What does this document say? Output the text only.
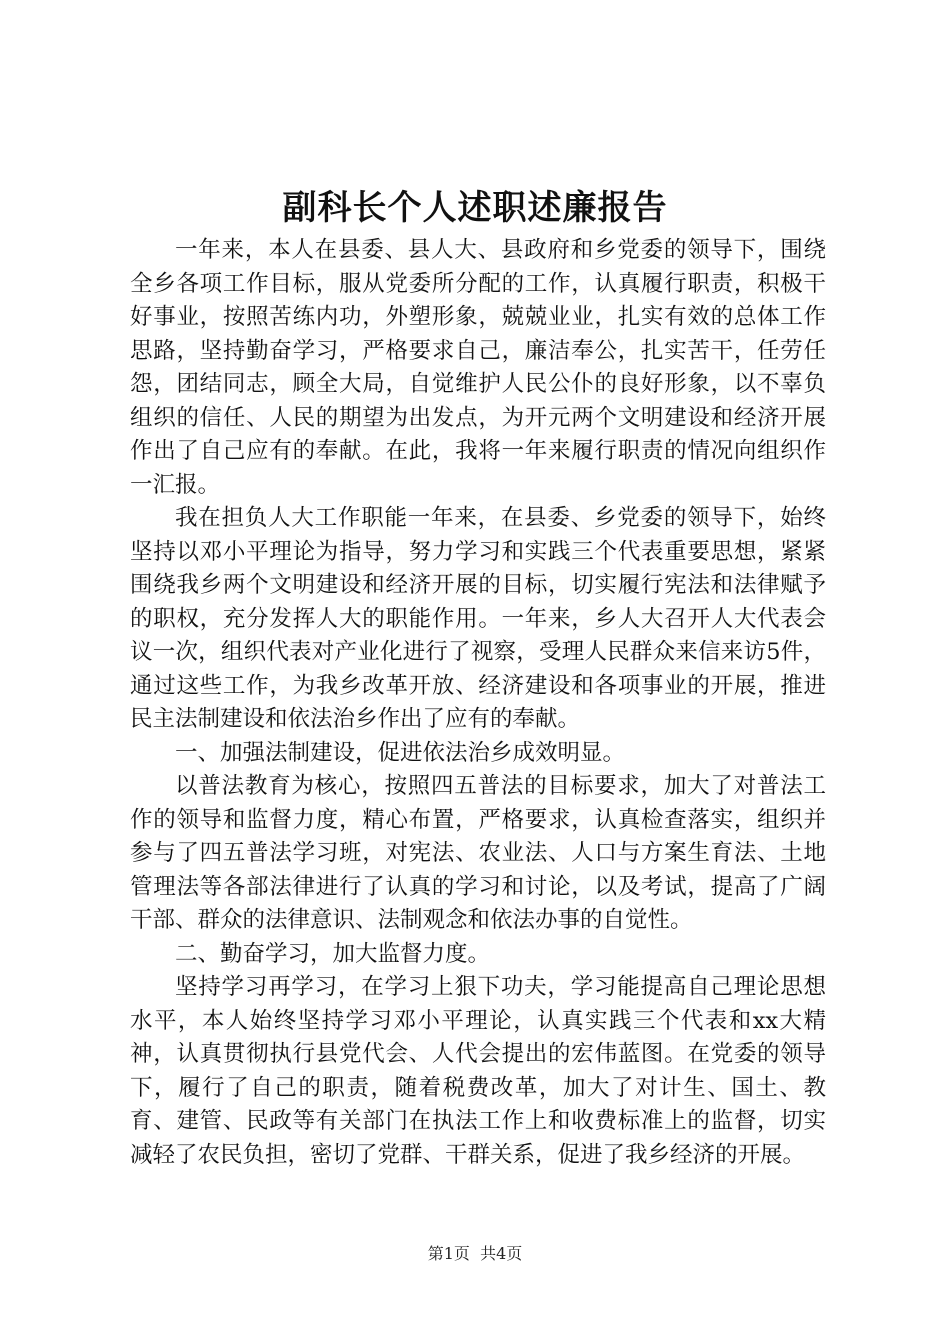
副科长个人述职述廉报告

一年来，本人在县委、县人大、县政府和乡党委的领导下，围绕全乡各项工作目标，服从党委所分配的工作，认真履行职责，积极干好事业，按照苦练内功，外塑形象，兢兢业业，扎实有效的总体工作思路，坚持勤奋学习，严格要求自己，廉洁奉公，扎实苦干，任劳任怨，团结同志，顾全大局，自觉维护人民公仆的良好形象，以不辜负组织的信任、人民的期望为出发点，为开元两个文明建设和经济开展作出了自己应有的奉献。在此，我将一年来履行职责的情况向组织作一汇报。

我在担负人大工作职能一年来，在县委、乡党委的领导下，始终坚持以邓小平理论为指导，努力学习和实践三个代表重要思想，紧紧围绕我乡两个文明建设和经济开展的目标，切实履行宪法和法律赋予的职权，充分发挥人大的职能作用。一年来，乡人大召开人大代表会议一次，组织代表对产业化进行了视察，受理人民群众来信来访5件，通过这些工作，为我乡改革开放、经济建设和各项事业的开展，推进民主法制建设和依法治乡作出了应有的奉献。

一、加强法制建设，促进依法治乡成效明显。

以普法教育为核心，按照四五普法的目标要求，加大了对普法工作的领导和监督力度，精心布置，严格要求，认真检查落实，组织并参与了四五普法学习班，对宪法、农业法、人口与方案生育法、土地管理法等各部法律进行了认真的学习和讨论，以及考试，提高了广阔干部、群众的法律意识、法制观念和依法办事的自觉性。

二、勤奋学习，加大监督力度。

坚持学习再学习，在学习上狠下功夫，学习能提高自己理论思想水平，本人始终坚持学习邓小平理论，认真实践三个代表和xx大精神，认真贯彻执行县党代会、人代会提出的宏伟蓝图。在党委的领导下，履行了自己的职责，随着税费改革，加大了对计生、国土、教育、建管、民政等有关部门在执法工作上和收费标准上的监督，切实减轻了农民负担，密切了党群、干群关系，促进了我乡经济的开展。

第1页 共4页
